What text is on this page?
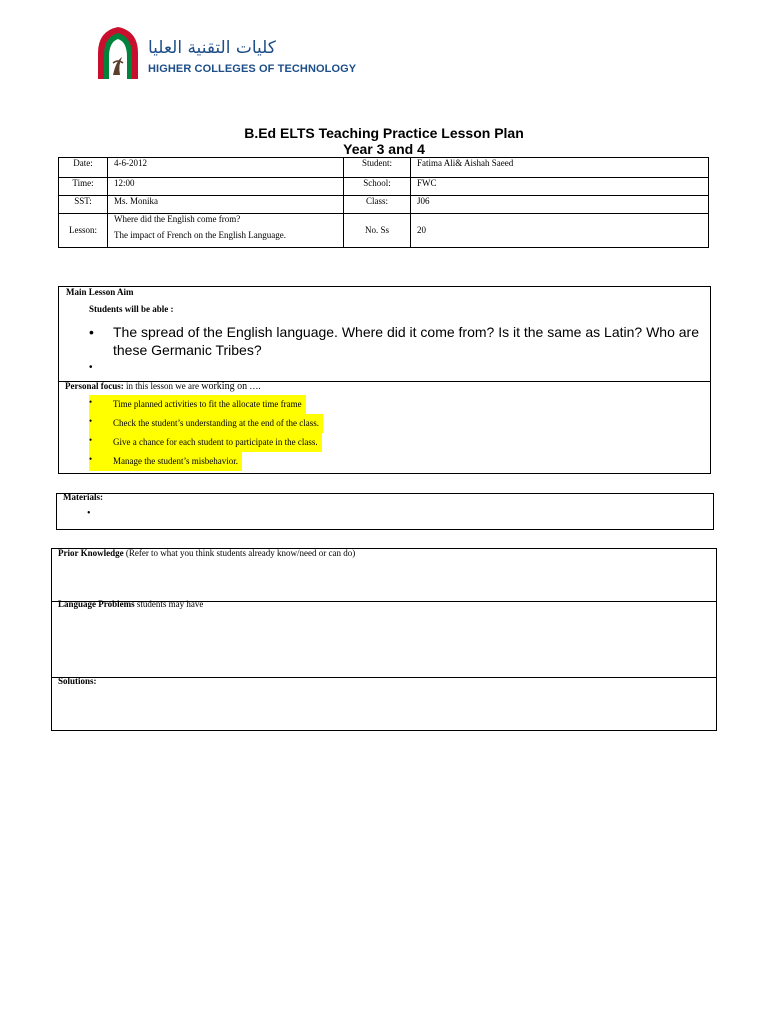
كليات التقنية العليا
HIGHER COLLEGES OF TECHNOLOGY
B.Ed ELTS Teaching Practice Lesson Plan
Year 3 and 4
Date:	4-6-2012	Student:	Fatima Ali& Aishah Saeed
Time:	12:00	School:	FWC
SST:	Ms. Monika	Class:	J06
Lesson:	Where did the English come from?
The impact of French on the English Language.	No. Ss	20
Main Lesson Aim
Students will be able :
• The spread of the English language. Where did it come from? Is it the same as Latin? Who are these Germanic Tribes?
•
Personal focus: in this lesson we are working on ….
Time planned activities to fit the allocate time frame
•
Check the student’s understanding at the end of the class.
•
Give a chance for each student to participate in the class.
•
Manage the student’s misbehavior.
•
Materials:
•
Prior Knowledge (Refer to what you think students already know/need or can do)
Language Problems students may have
Solutions:
